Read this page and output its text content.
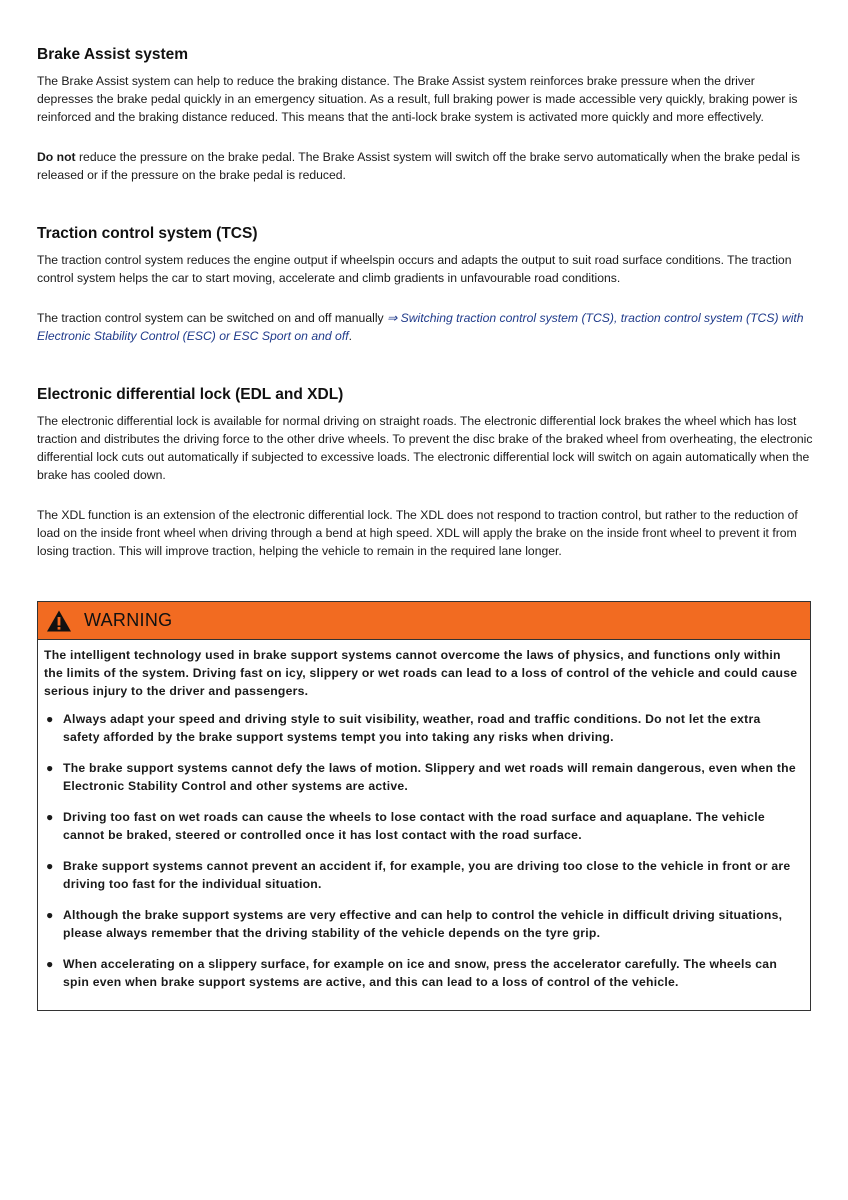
Brake Assist system

The Brake Assist system can help to reduce the braking distance. The Brake Assist system reinforces brake pressure when the driver depresses the brake pedal quickly in an emergency situation. As a result, full braking power is made accessible very quickly, braking power is reinforced and the braking distance reduced. This means that the anti-lock brake system is activated more quickly and more effectively.

Do not reduce the pressure on the brake pedal. The Brake Assist system will switch off the brake servo automatically when the brake pedal is released or if the pressure on the brake pedal is reduced.

Traction control system (TCS)

The traction control system reduces the engine output if wheelspin occurs and adapts the output to suit road surface conditions. The traction control system helps the car to start moving, accelerate and climb gradients in unfavourable road conditions.

The traction control system can be switched on and off manually ⇒ Switching traction control system (TCS), traction control system (TCS) with Electronic Stability Control (ESC) or ESC Sport on and off.

Electronic differential lock (EDL and XDL)

The electronic differential lock is available for normal driving on straight roads. The electronic differential lock brakes the wheel which has lost traction and distributes the driving force to the other drive wheels. To prevent the disc brake of the braked wheel from overheating, the electronic differential lock cuts out automatically if subjected to excessive loads. The electronic differential lock will switch on again automatically when the brake has cooled down.

The XDL function is an extension of the electronic differential lock. The XDL does not respond to traction control, but rather to the reduction of load on the inside front wheel when driving through a bend at high speed. XDL will apply the brake on the inside front wheel to prevent it from losing traction. This will improve traction, helping the vehicle to remain in the required lane longer.

WARNING

The intelligent technology used in brake support systems cannot overcome the laws of physics, and functions only within the limits of the system. Driving fast on icy, slippery or wet roads can lead to a loss of control of the vehicle and could cause serious injury to the driver and passengers.

● Always adapt your speed and driving style to suit visibility, weather, road and traffic conditions. Do not let the extra safety afforded by the brake support systems tempt you into taking any risks when driving.
● The brake support systems cannot defy the laws of motion. Slippery and wet roads will remain dangerous, even when the Electronic Stability Control and other systems are active.
● Driving too fast on wet roads can cause the wheels to lose contact with the road surface and aquaplane. The vehicle cannot be braked, steered or controlled once it has lost contact with the road surface.
● Brake support systems cannot prevent an accident if, for example, you are driving too close to the vehicle in front or are driving too fast for the individual situation.
● Although the brake support systems are very effective and can help to control the vehicle in difficult driving situations, please always remember that the driving stability of the vehicle depends on the tyre grip.
● When accelerating on a slippery surface, for example on ice and snow, press the accelerator carefully. The wheels can spin even when brake support systems are active, and this can lead to a loss of control of the vehicle.
